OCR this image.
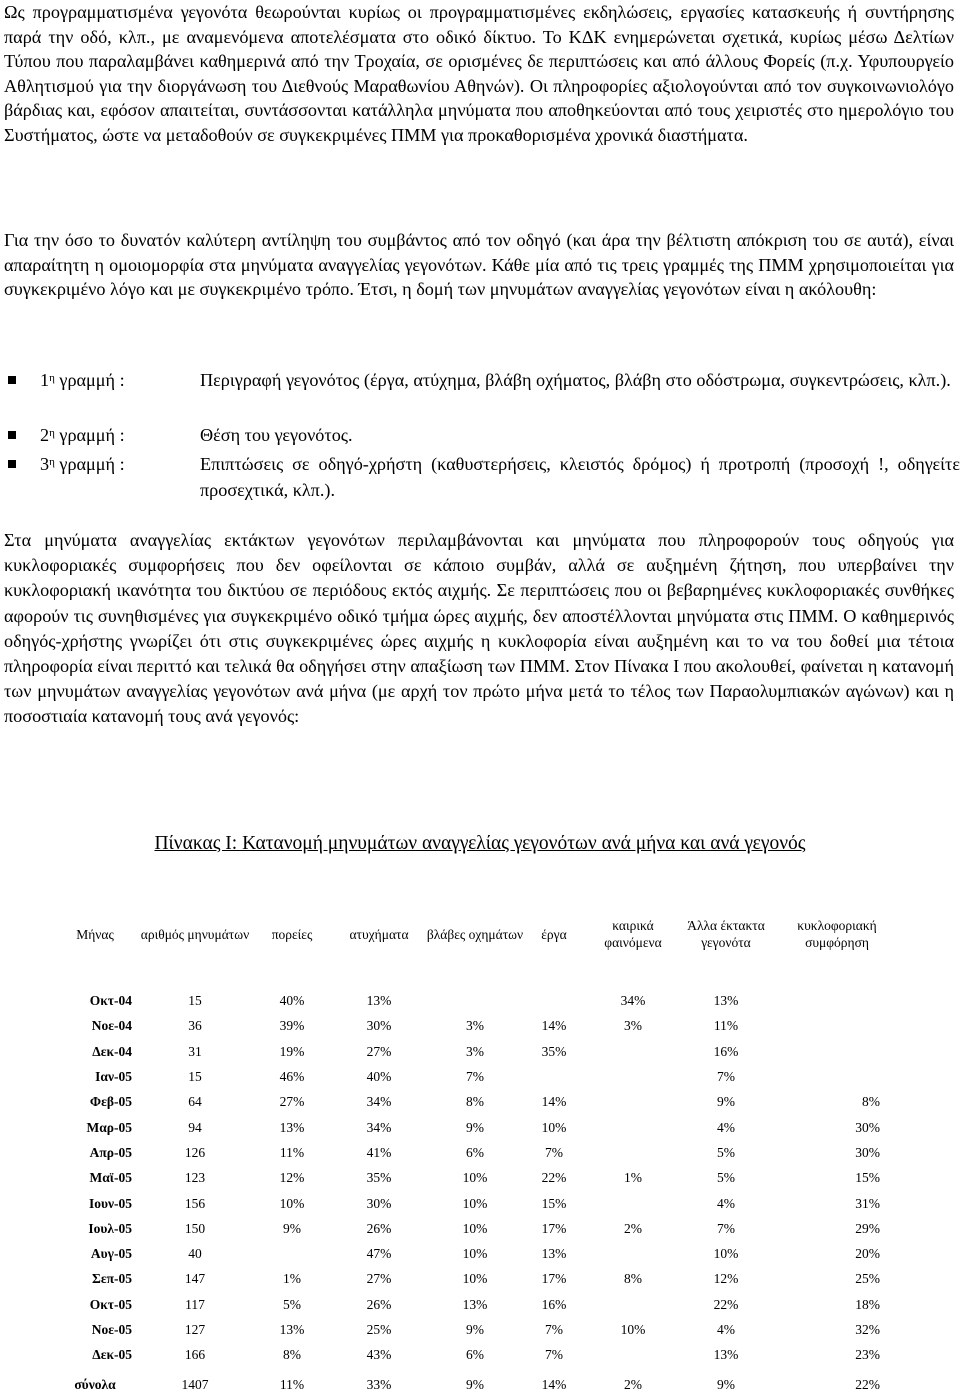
Ως προγραμματισμένα γεγονότα θεωρούνται κυρίως οι προγραμματισμένες εκδηλώσεις, εργασίες κατασκευής ή συντήρησης παρά την οδό, κλπ., με αναμενόμενα αποτελέσματα στο οδικό δίκτυο. Το ΚΔΚ ενημερώνεται σχετικά, κυρίως μέσω Δελτίων Τύπου που παραλαμβάνει καθημερινά από την Τροχαία, σε ορισμένες δε περιπτώσεις και από άλλους Φορείς (π.χ. Υφυπουργείο Αθλητισμού για την διοργάνωση του Διεθνούς Μαραθωνίου Αθηνών). Οι πληροφορίες αξιολογούνται από τον συγκοινωνιολόγο βάρδιας και, εφόσον απαιτείται, συντάσσονται κατάλληλα μηνύματα που αποθηκεύονται από τους χειριστές στο ημερολόγιο του Συστήματος, ώστε να μεταδοθούν σε συγκεκριμένες ΠΜΜ για προκαθορισμένα χρονικά διαστήματα.

Για την όσο το δυνατόν καλύτερη αντίληψη του συμβάντος από τον οδηγό (και άρα την βέλτιστη απόκριση του σε αυτά), είναι απαραίτητη η ομοιομορφία στα μηνύματα αναγγελίας γεγονότων. Κάθε μία από τις τρεις γραμμές της ΠΜΜ χρησιμοποιείται για συγκεκριμένο λόγο και με συγκεκριμένο τρόπο. Έτσι, η δομή των μηνυμάτων αναγγελίας γεγονότων είναι η ακόλουθη:

$1^\eta$ γραμμή :	Περιγραφή γεγονότος (έργα, ατύχημα, βλάβη οχήματος, βλάβη στο οδόστρωμα, συγκεντρώσεις, κλπ.).
$2^\eta$ γραμμή :	Θέση του γεγονότος.
$3^\eta$ γραμμή :	Επιπτώσεις σε οδηγό-χρήστη (καθυστερήσεις, κλειστός δρόμος) ή προτροπή (προσοχή !, οδηγείτε προσεχτικά, κλπ.).

Στα μηνύματα αναγγελίας εκτάκτων γεγονότων περιλαμβάνονται και μηνύματα που πληροφορούν τους οδηγούς για κυκλοφοριακές συμφορήσεις που δεν οφείλονται σε κάποιο συμβάν, αλλά σε αυξημένη ζήτηση, που υπερβαίνει την κυκλοφοριακή ικανότητα του δικτύου σε περιόδους εκτός αιχμής. Σε περιπτώσεις που οι βεβαρημένες κυκλοφοριακές συνθήκες αφορούν τις συνηθισμένες για συγκεκριμένο οδικό τμήμα ώρες αιχμής, δεν αποστέλλονται μηνύματα στις ΠΜΜ. Ο καθημερινός οδηγός-χρήστης γνωρίζει ότι στις συγκεκριμένες ώρες αιχμής η κυκλοφορία είναι αυξημένη και το να του δοθεί μια τέτοια πληροφορία είναι περιττό και τελικά θα οδηγήσει στην απαξίωση των ΠΜΜ. Στον Πίνακα Ι που ακολουθεί, φαίνεται η κατανομή των μηνυμάτων αναγγελίας γεγονότων ανά μήνα (με αρχή τον πρώτο μήνα μετά το τέλος των Παραολυμπιακών αγώνων) και η ποσοστιαία κατανομή τους ανά γεγονός:

Πίνακας Ι: Κατανομή μηνυμάτων αναγγελίας γεγονότων ανά μήνα και ανά γεγονός
Μήνας	αριθμός μηνυμάτων	πορείες	ατυχήματα	βλάβες οχημάτων	έργα	καιρικά φαινόμενα	Άλλα έκτακτα γεγονότα	κυκλοφοριακή συμφόρηση
Οκτ-04	15	40%	13%			34%	13%	
Νοε-04	36	39%	30%	3%	14%	3%	11%	
Δεκ-04	31	19%	27%	3%	35%		16%	
Ιαν-05	15	46%	40%	7%			7%	
Φεβ-05	64	27%	34%	8%	14%		9%	8%
Μαρ-05	94	13%	34%	9%	10%		4%	30%
Απρ-05	126	11%	41%	6%	7%		5%	30%
Μαϊ-05	123	12%	35%	10%	22%	1%	5%	15%
Ιουν-05	156	10%	30%	10%	15%		4%	31%
Ιουλ-05	150	9%	26%	10%	17%	2%	7%	29%
Αυγ-05	40		47%	10%	13%		10%	20%
Σεπ-05	147	1%	27%	10%	17%	8%	12%	25%
Οκτ-05	117	5%	26%	13%	16%		22%	18%
Νοε-05	127	13%	25%	9%	7%	10%	4%	32%
Δεκ-05	166	8%	43%	6%	7%		13%	23%
σύνολα	1407	11%	33%	9%	14%	2%	9%	22%
